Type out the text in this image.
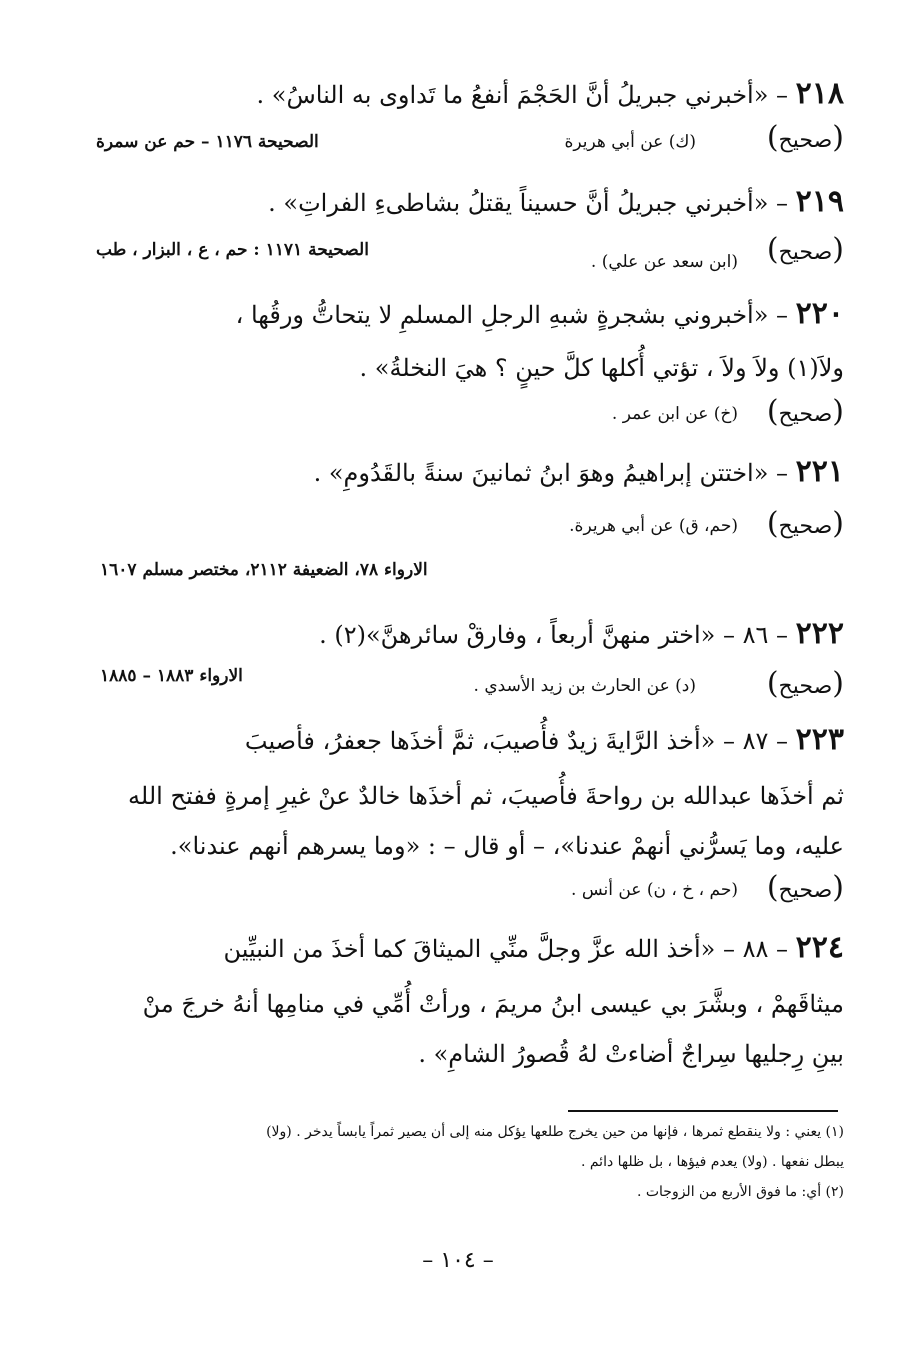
٢١٨ – «أخبرني جبريلُ أنَّ الحَجْمَ أنفعُ ما تَداوى به الناسُ» .
(صحيح)
(ك) عن أبي هريرة
الصحيحة ١١٧٦ – حم عن سمرة
٢١٩ – «أخبرني جبريلُ أنَّ حسيناً يقتلُ بشاطىءِ الفراتِ» .
(صحيح)
(ابن سعد عن علي) .
الصحيحة ١١٧١ : حم ، ع ، البزار ، طب
٢٢٠ – «أخبروني بشجرةٍ شبهِ الرجلِ المسلمِ لا يتحاتُّ ورقُها ،
ولاَ(١) ولاَ ولاَ ، تؤتي أُكلها كلَّ حينٍ ؟ هيَ النخلةُ» .
(صحيح)
(خ) عن ابن عمر .
٢٢١ – «اختتن إبراهيمُ وهوَ ابنُ ثمانينَ سنةً بالقَدُومِ» .
(صحيح)
(حم، ق) عن أبي هريرة.
الارواء ٧٨، الضعيفة ٢١١٢، مختصر مسلم ١٦٠٧
٢٢٢ – ٨٦ – «اختر منهنَّ أربعاً ، وفارقْ سائرهنَّ»(٢) .
(صحيح)
(د) عن الحارث بن زيد الأسدي .
الارواء ١٨٨٣ – ١٨٨٥
٢٢٣ – ٨٧ – «أخذ الرَّايةَ زيدٌ فأُصيبَ، ثمَّ أخذَها جعفرُ، فأصيبَ
ثم أخذَها عبدالله بن رواحةَ فأُصيبَ، ثم أخذَها خالدٌ عنْ غيرِ إمرةٍ ففتح الله
عليه، وما يَسرُّني أنهمْ عندنا»، – أو قال – : «وما يسرهم أنهم عندنا».
(صحيح)
(حم ، خ ، ن) عن أنس .
٢٢٤ – ٨٨ – «أخذ الله عزَّ وجلَّ منِّي الميثاقَ كما أخذَ من النبيِّين
ميثاقَهمْ ، وبشَّرَ بي عيسى ابنُ مريمَ ، ورأتْ أُمِّي في منامِها أنهُ خرجَ منْ
بينِ رِجليها سِراجٌ أضاءتْ لهُ قُصورُ الشامِ» .
(١) يعني : ولا ينقطع ثمرها ، فإنها من حين يخرج طلعها يؤكل منه إلى أن يصير ثمراً يابساً يدخر . (ولا)
يبطل نفعها . (ولا) يعدم فيؤها ، بل ظلها دائم .
(٢) أي: ما فوق الأربع من الزوجات .
– ١٠٤ –
